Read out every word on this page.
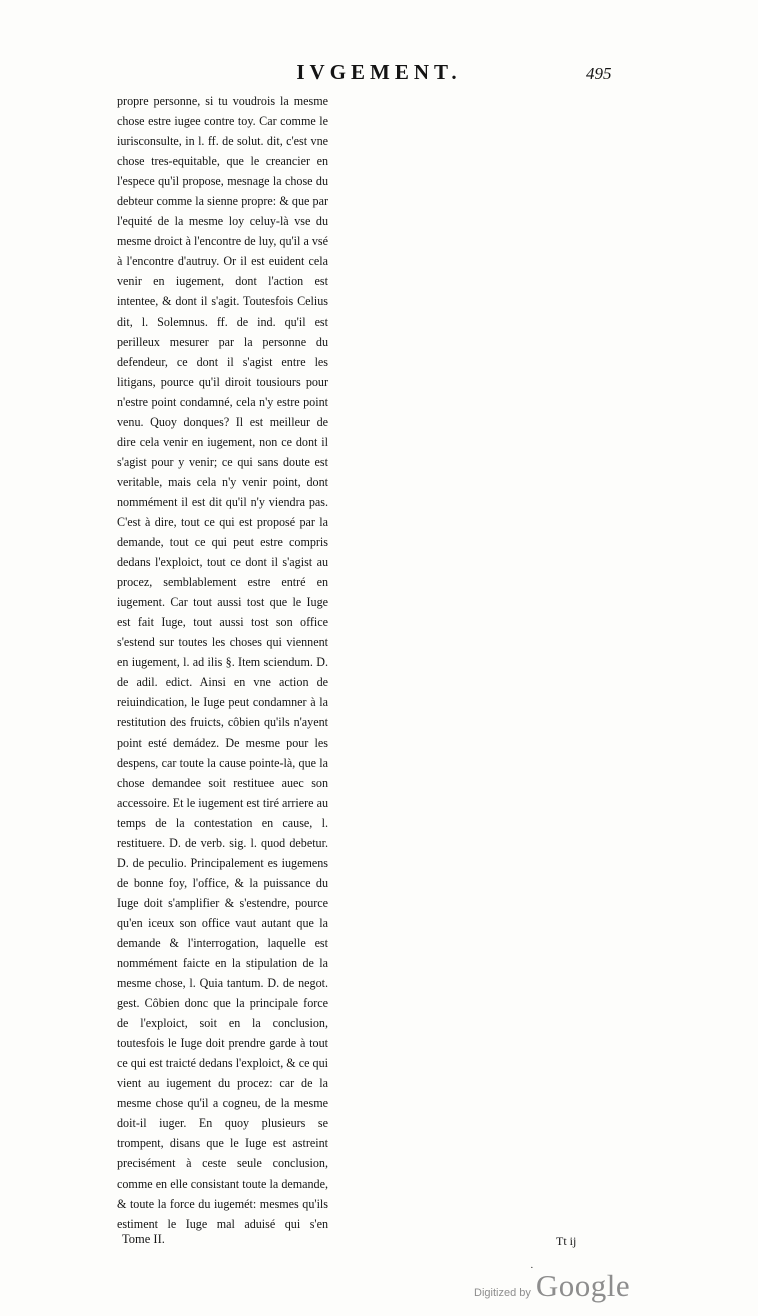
IVGEMENT.	495
propre personne, si tu voudrois la mesme chose estre iugee contre toy. Car comme le iurisconsulte, in l. ff. de solut. dit, c'est vne chose tres-equitable, que le creancier en l'espece qu'il propose, mesnage la chose du debteur comme la sienne propre: & que par l'equité de la mesme loy celuy-là vse du mesme droict à l'encontre de luy, qu'il a vsé à l'encontre d'autruy. Or il est euident cela venir en iugement, dont l'action est intentee, & dont il s'agit. Toutesfois Celius dit, l. Solemnus. ff. de ind. qu'il est perilleux mesurer par la personne du defendeur, ce dont il s'agist entre les litigans, pource qu'il diroit tousiours pour n'estre point condamné, cela n'y estre point venu. Quoy donques? Il est meilleur de dire cela venir en iugement, non ce dont il s'agist pour y venir; ce qui sans doute est veritable, mais cela n'y venir point, dont nommément il est dit qu'il n'y viendra pas. C'est à dire, tout ce qui est proposé par la demande, tout ce qui peut estre compris dedans l'exploict, tout ce dont il s'agist au procez, semblablement estre entré en iugement. Car tout aussi tost que le Iuge est fait Iuge, tout aussi tost son office s'estend sur toutes les choses qui viennent en iugement, l. ad ilis §. Item sciendum. D. de adil. edict. Ainsi en vne action de reiuindication, le Iuge peut condamner à la restitution des fruicts, côbien qu'ils n'ayent point esté demádez. De mesme pour les despens, car toute la cause pointe-là, que la chose demandee soit restituee auec son accessoire. Et le iugement est tiré arriere au temps de la contestation en cause, l. restituere. D. de verb. sig. l. quod debetur. D. de peculio. Principalement es iugemens de bonne foy, l'office, & la puissance du Iuge doit s'amplifier & s'estendre, pource qu'en iceux son office vaut autant que la demande & l'interrogation, laquelle est nommément faicte en la stipulation de la mesme chose, l. Quia tantum. D. de negot. gest. Côbien donc que la principale force de l'exploict, soit en la conclusion, toutesfois le Iuge doit prendre garde à tout ce qui est traicté dedans l'exploict, & ce qui vient au iugement du procez: car de la mesme chose qu'il a cogneu, de la mesme doit-il iuger. En quoy plusieurs se trompent, disans que le Iuge est astreint precisément à ceste seule conclusion, comme en elle consistant toute la demande, & toute la force du iugemét: mesmes qu'ils estiment le Iuge mal aduisé qui s'en
Tome II.	Tt ij
·
Digitized by Google
